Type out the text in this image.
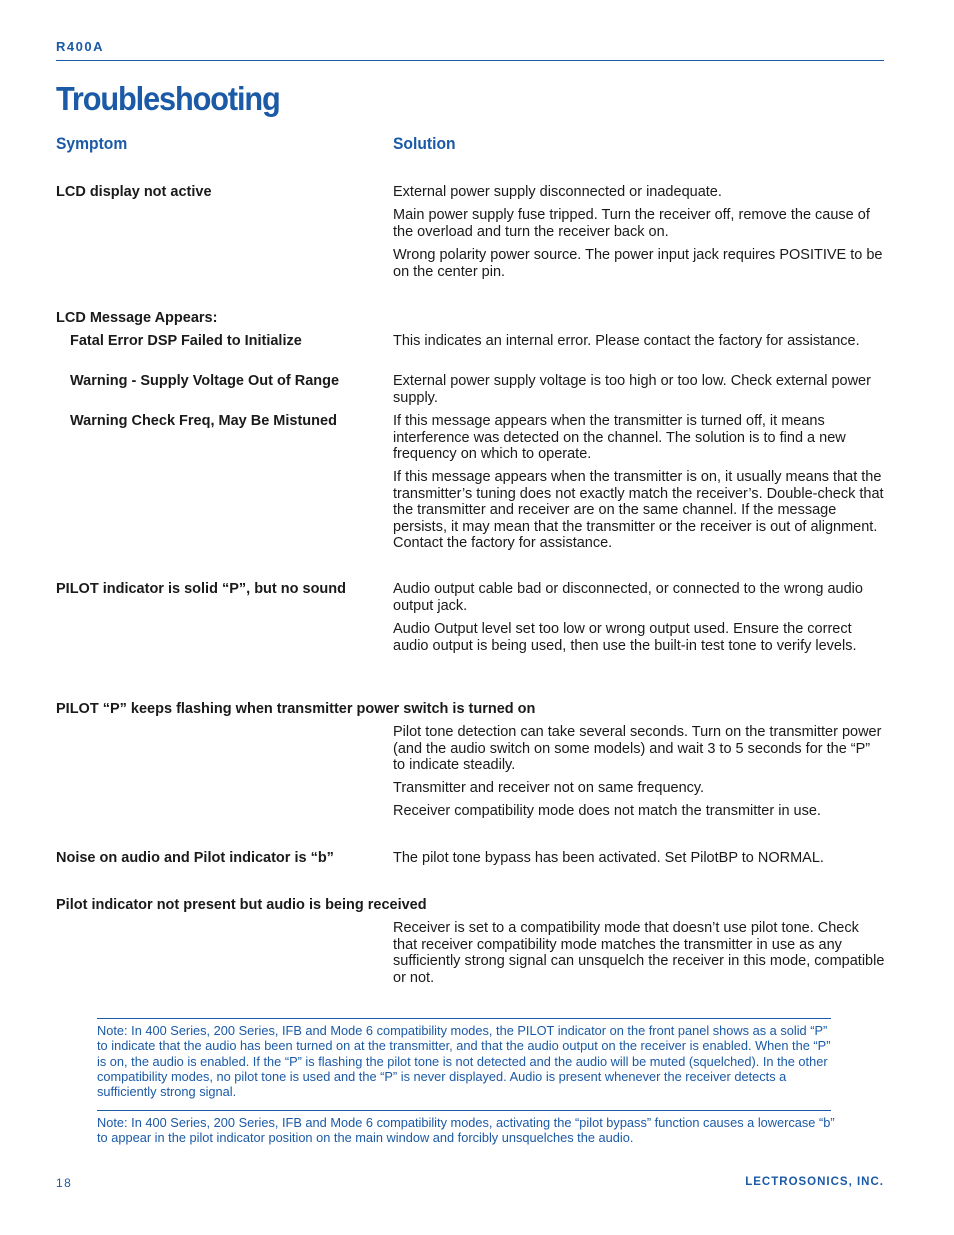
R400A
Troubleshooting
Symptom	Solution
LCD display not active	External power supply disconnected or inadequate.
Main power supply fuse tripped. Turn the receiver off, remove the cause of the overload and turn the receiver back on.
Wrong polarity power source. The power input jack requires POSITIVE to be on the center pin.
LCD Message Appears:
Fatal Error DSP Failed to Initialize	This indicates an internal error. Please contact the factory for assistance.
Warning - Supply Voltage Out of Range	External power supply voltage is too high or too low. Check external power supply.
Warning Check Freq, May Be Mistuned	If this message appears when the transmitter is turned off, it means interference was detected on the channel. The solution is to find a new frequency on which to operate.
If this message appears when the transmitter is on, it usually means that the transmitter’s tuning does not exactly match the receiver’s. Double-check that the transmitter and receiver are on the same channel. If the message persists, it may mean that the transmitter or the receiver is out of alignment. Contact the factory for assistance.
PILOT indicator is solid “P”, but no sound	Audio output cable bad or disconnected, or connected to the wrong audio output jack.
Audio Output level set too low or wrong output used. Ensure the correct audio output is being used, then use the built-in test tone to verify levels.
PILOT “P” keeps flashing when transmitter power switch is turned on
Pilot tone detection can take several seconds. Turn on the transmitter power (and the audio switch on some models) and wait 3 to 5 seconds for the “P” to indicate steadily.
Transmitter and receiver not on same frequency.
Receiver compatibility mode does not match the transmitter in use.
Noise on audio and Pilot indicator is “b”	The pilot tone bypass has been activated. Set PilotBP to NORMAL.
Pilot indicator not present but audio is being received
Receiver is set to a compatibility mode that doesn’t use pilot tone. Check that receiver compatibility mode matches the transmitter in use as any sufficiently strong signal can unsquelch the receiver in this mode, compatible or not.
Note: In 400 Series, 200 Series, IFB and Mode 6 compatibility modes, the PILOT indicator on the front panel shows as a solid “P” to indicate that the audio has been turned on at the transmitter, and that the audio output on the receiver is enabled. When the “P” is on, the audio is enabled. If the “P” is flashing the pilot tone is not detected and the audio will be muted (squelched). In the other compatibility modes, no pilot tone is used and the “P” is never displayed. Audio is present whenever the receiver detects a sufficiently strong signal.
Note: In 400 Series, 200 Series, IFB and Mode 6 compatibility modes, activating the “pilot bypass” function causes a lowercase “b” to appear in the pilot indicator position on the main window and forcibly unsquelches the audio.
18	LECTROSONICS, INC.
